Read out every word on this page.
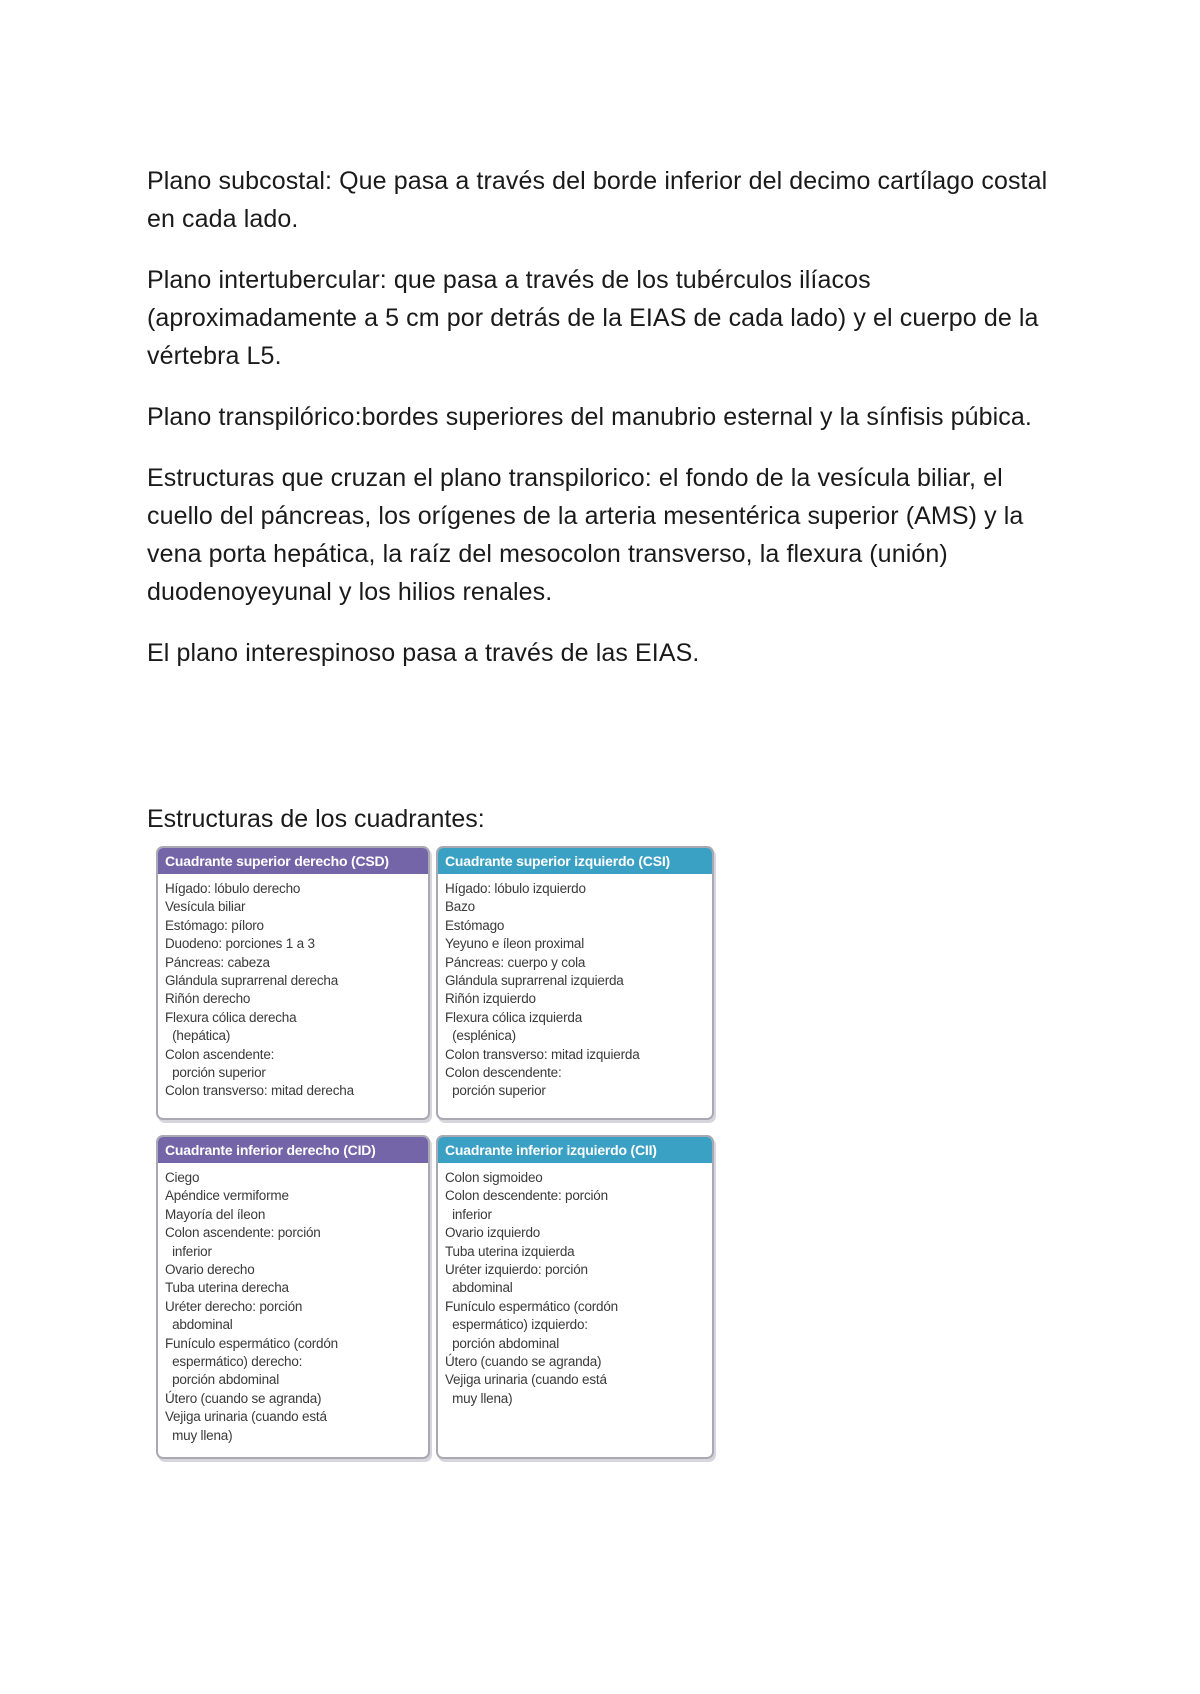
Plano subcostal: Que pasa a través del borde inferior del decimo cartílago costal en cada lado.

Plano intertubercular: que pasa a través de los tubérculos ilíacos (aproximadamente a 5 cm por detrás de la EIAS de cada lado) y el cuerpo de la vértebra L5.

Plano transpilórico:bordes superiores del manubrio esternal y la sínfisis púbica.

Estructuras que cruzan el plano transpilorico: el fondo de la vesícula biliar, el cuello del páncreas, los orígenes de la arteria mesentérica superior (AMS) y la vena porta hepática, la raíz del mesocolon transverso, la flexura (unión) duodenoyeyunal y los hilios renales.

El plano interespinoso pasa a través de las EIAS.

Estructuras de los cuadrantes:

Cuadrante superior derecho (CSD)
Hígado: lóbulo derecho
Vesícula biliar
Estómago: píloro
Duodeno: porciones 1 a 3
Páncreas: cabeza
Glándula suprarrenal derecha
Riñón derecho
Flexura cólica derecha
(hepática)
Colon ascendente:
porción superior
Colon transverso: mitad derecha
Cuadrante superior izquierdo (CSI)
Hígado: lóbulo izquierdo
Bazo
Estómago
Yeyuno e íleon proximal
Páncreas: cuerpo y cola
Glándula suprarrenal izquierda
Riñón izquierdo
Flexura cólica izquierda
(esplénica)
Colon transverso: mitad izquierda
Colon descendente:
porción superior
Cuadrante inferior derecho (CID)
Ciego
Apéndice vermiforme
Mayoría del íleon
Colon ascendente: porción
inferior
Ovario derecho
Tuba uterina derecha
Uréter derecho: porción
abdominal
Funículo espermático (cordón
espermático) derecho:
porción abdominal
Útero (cuando se agranda)
Vejiga urinaria (cuando está
muy llena)
Cuadrante inferior izquierdo (CII)
Colon sigmoideo
Colon descendente: porción
inferior
Ovario izquierdo
Tuba uterina izquierda
Uréter izquierdo: porción
abdominal
Funículo espermático (cordón
espermático) izquierdo:
porción abdominal
Útero (cuando se agranda)
Vejiga urinaria (cuando está
muy llena)
